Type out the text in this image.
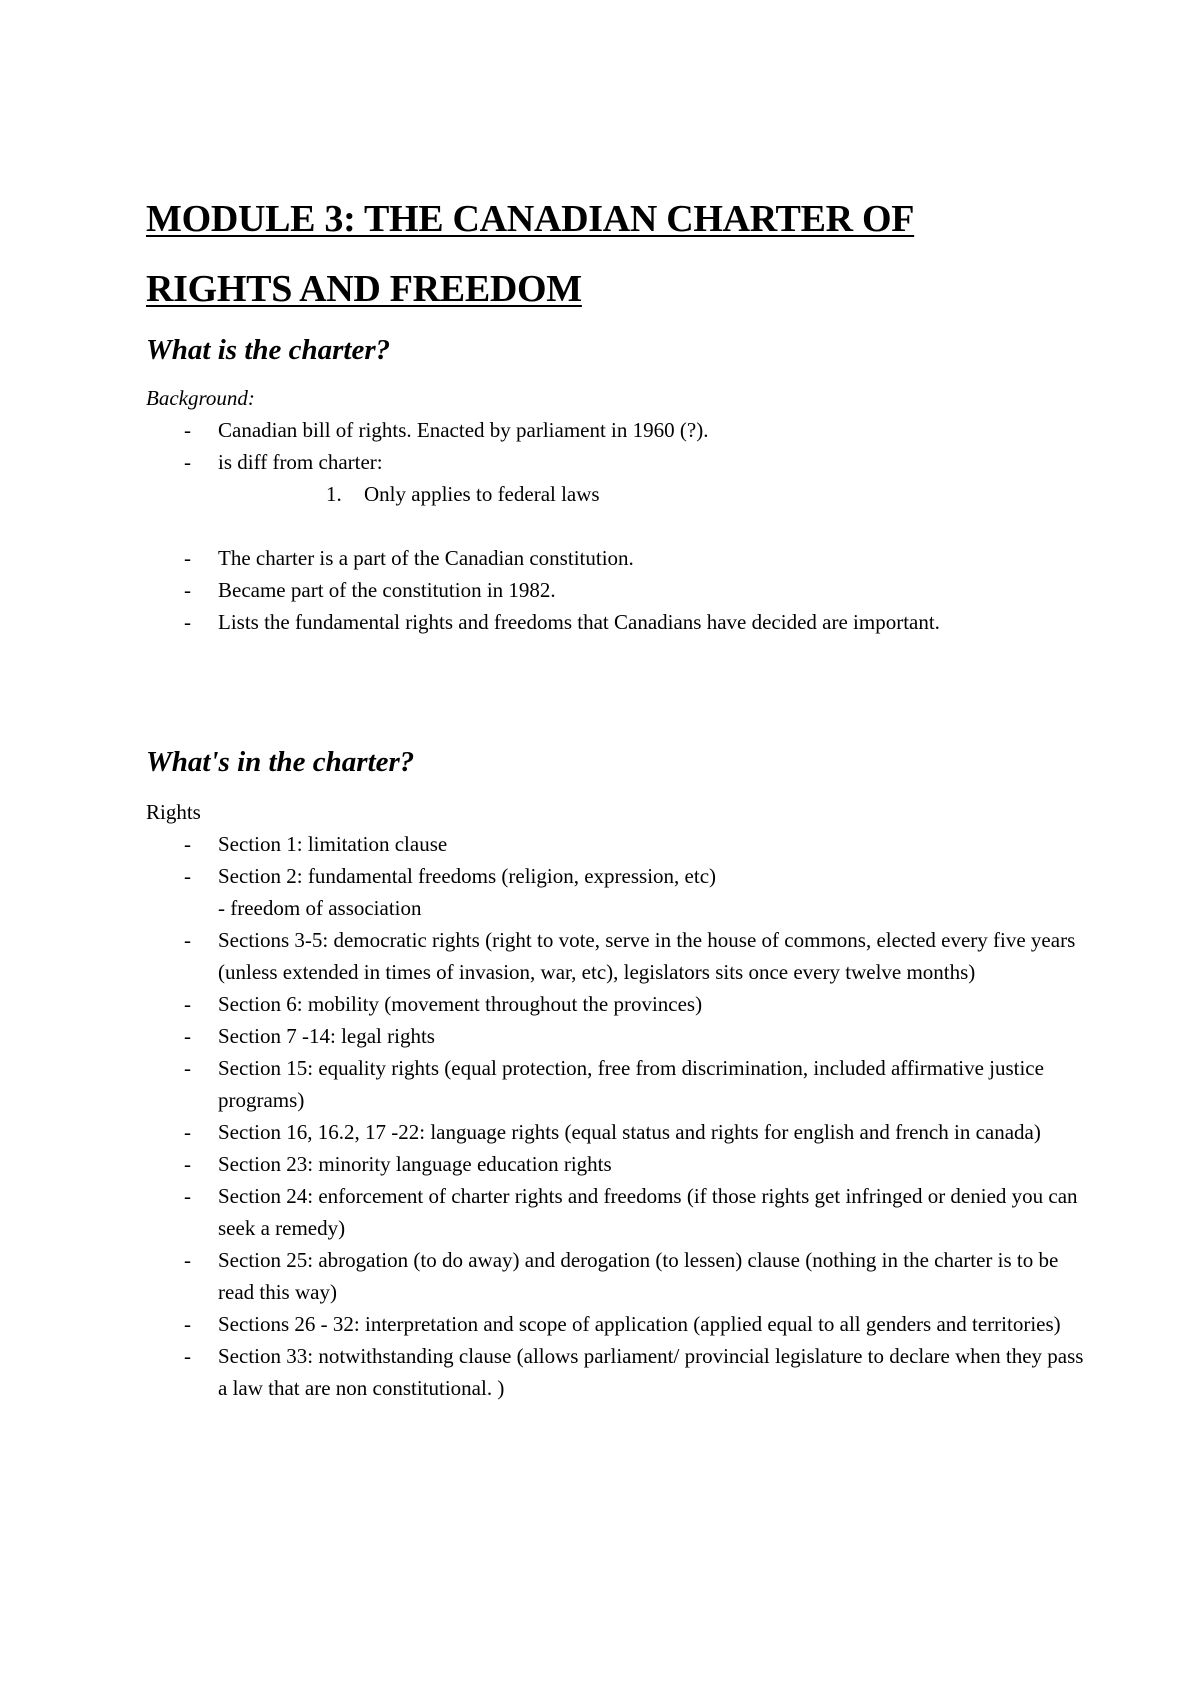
MODULE 3: THE CANADIAN CHARTER OF
RIGHTS AND FREEDOM
What is the charter?

Background:

- Canadian bill of rights. Enacted by parliament in 1960 (?).
- is diff from charter:

1. Only applies to federal laws

- The charter is a part of the Canadian constitution.
- Became part of the constitution in 1982.
- Lists the fundamental rights and freedoms that Canadians have decided are important.
What's in the charter?

Rights

- Section 1: limitation clause
- Section 2: fundamental freedoms (religion, expression, etc)
- freedom of association
- Sections 3-5: democratic rights (right to vote, serve in the house of commons, elected every five years (unless extended in times of invasion, war, etc), legislators sits once every twelve months)
- Section 6: mobility (movement throughout the provinces)
- Section 7 -14: legal rights
- Section 15: equality rights (equal protection, free from discrimination, included affirmative justice programs)
- Section 16, 16.2, 17 -22: language rights (equal status and rights for english and french in canada)
- Section 23: minority language education rights
- Section 24: enforcement of charter rights and freedoms (if those rights get infringed or denied you can seek a remedy)
- Section 25: abrogation (to do away) and derogation (to lessen) clause (nothing in the charter is to be read this way)
- Sections 26 - 32: interpretation and scope of application (applied equal to all genders and territories)
- Section 33: notwithstanding clause (allows parliament/ provincial legislature to declare when they pass a law that are non constitutional. )
